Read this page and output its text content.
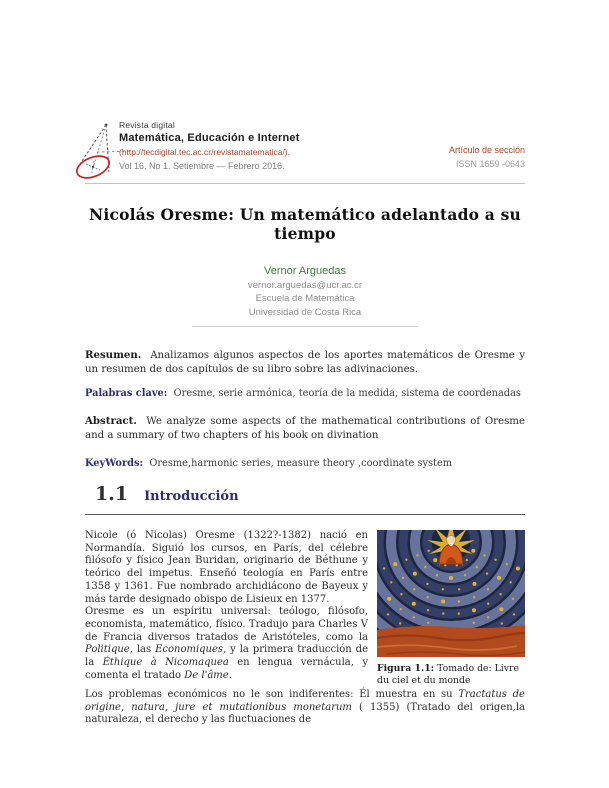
Revista digital
Matemática, Educación e Internet
(http://tecdigital.tec.ac.cr/revistamatematica/).
Vol 16, No 1. Setiembre — Febrero 2016.
Artículo de sección
ISSN 1659 -0643
Nicolás Oresme: Un matemático adelantado a su tiempo
Vernor Arguedas
vernor.arguedas@ucr.ac.cr
Escuela de Matemática
Universidad de Costa Rica

Resumen. Analizamos algunos aspectos de los aportes matemáticos de Oresme y un resumen de dos capítulos de su libro sobre las adivinaciones.

Palabras clave: Oresme, serie armónica, teoría de la medida, sistema de coordenadas

Abstract. We analyze some aspects of the mathematical contributions of Oresme and a summary of two chapters of his book on divination

KeyWords: Oresme,harmonic series, measure theory ,coordinate system

1.1 Introducción
Nicole (ó Nicolas) Oresme (1322?-1382) nació en Normandía. Siguió los cursos, en París, del célebre filósofo y físico Jean Buridan, originario de Béthune y teórico del impetus. Enseñó teología en París entre 1358 y 1361. Fue nombrado archidiácono de Bayeux y más tarde designado obispo de Lisieux en 1377.
Oresme es un espíritu universal: teólogo, filósofo, economista, matemático, físico. Tradujo para Charles V de Francia diversos tratados de Aristóteles, como la Politique, las Economiques, y la primera traducción de la Éthique à Nicomaquea en lengua vernácula, y comenta el tratado De l'âme.
Figura 1.1: Tomado de: Livre du ciel et du monde
Los problemas económicos no le son indiferentes: Él muestra en su Tractatus de origine, natura, jure et mutationibus monetarum ( 1355) (Tratado del origen,la naturaleza, el derecho y las fluctuaciones de
